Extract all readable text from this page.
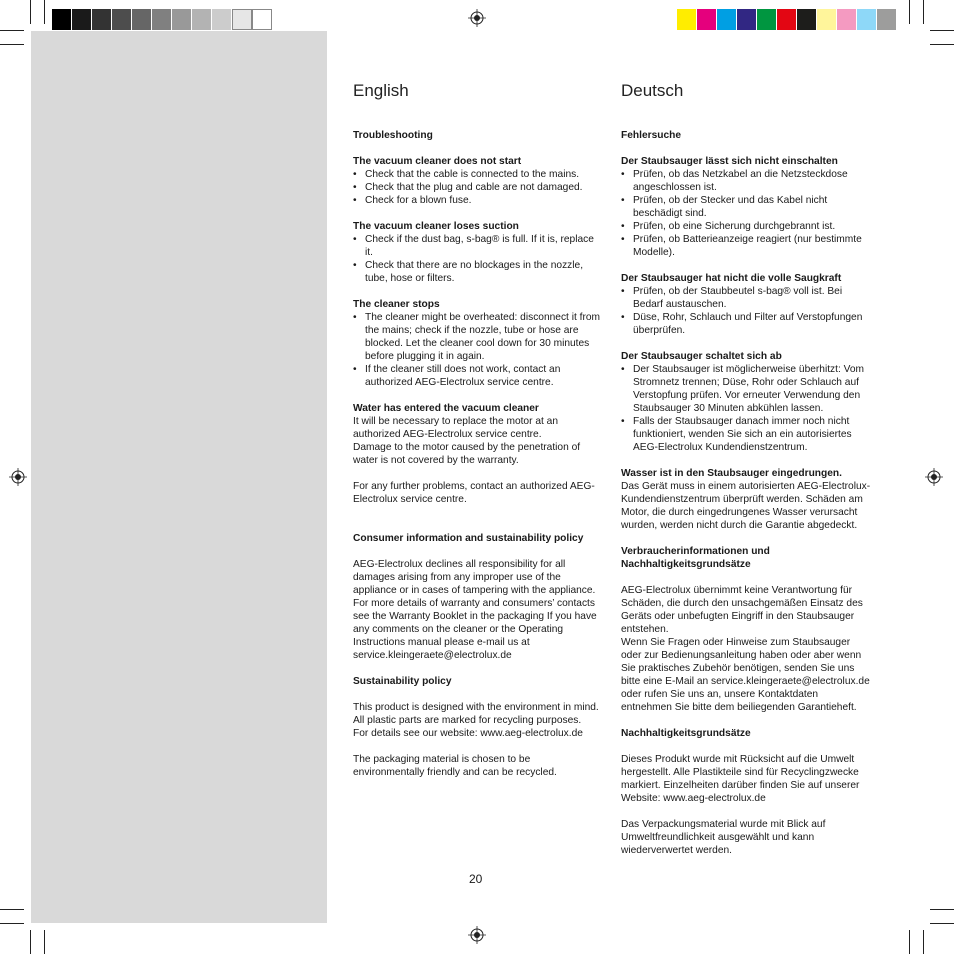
English

Troubleshooting

The vacuum cleaner does not start

• Check that the cable is connected to the mains.
• Check that the plug and cable are not damaged.
• Check for a blown fuse.

The vacuum cleaner loses suction

• Check if the dust bag, s-bag® is full. If it is, replace it.
• Check that there are no blockages in the nozzle, tube, hose or filters.

The cleaner stops

• The cleaner might be overheated: disconnect it from the mains; check if the nozzle, tube or hose are blocked. Let the cleaner cool down for 30 minutes before plugging it in again.
• If the cleaner still does not work, contact an authorized AEG-Electrolux service centre.

Water has entered the vacuum cleaner

It will be necessary to replace the motor at an authorized AEG-Electrolux service centre.

Damage to the motor caused by the penetration of water is not covered by the warranty.

For any further problems, contact an authorized AEG-Electrolux service centre.

Consumer information and sustainability policy

AEG-Electrolux declines all responsibility for all damages arising from any improper use of the appliance or in cases of tampering with the appliance. For more details of warranty and consumers’ contacts see the Warranty Booklet in the packaging If you have any comments on the cleaner or the Operating Instructions manual please e-mail us at service.kleingeraete@electrolux.de

Sustainability policy

This product is designed with the environment in mind. All plastic parts are marked for recycling purposes.

For details see our website: www.aeg-electrolux.de

The packaging material is chosen to be environmentally friendly and can be recycled.

Deutsch

Fehlersuche

Der Staubsauger lässt sich nicht einschalten

• Prüfen, ob das Netzkabel an die Netzsteckdose angeschlossen ist.
• Prüfen, ob der Stecker und das Kabel nicht beschädigt sind.
• Prüfen, ob eine Sicherung durchgebrannt ist.
• Prüfen, ob Batterieanzeige reagiert (nur bestimmte Modelle).

Der Staubsauger hat nicht die volle Saugkraft

• Prüfen, ob der Staubbeutel s-bag® voll ist. Bei Bedarf austauschen.
• Düse, Rohr, Schlauch und Filter auf Verstopfungen überprüfen.

Der Staubsauger schaltet sich ab

• Der Staubsauger ist möglicherweise überhitzt: Vom Stromnetz trennen; Düse, Rohr oder Schlauch auf Verstopfung prüfen. Vor erneuter Verwendung den Staubsauger 30 Minuten abkühlen lassen.
• Falls der Staubsauger danach immer noch nicht funktioniert, wenden Sie sich an ein autorisiertes AEG-Electrolux Kundendienstzentrum.

Wasser ist in den Staubsauger eingedrungen.

Das Gerät muss in einem autorisierten AEG-Electrolux-Kundendienstzentrum überprüft werden. Schäden am Motor, die durch eingedrungenes Wasser verursacht wurden, werden nicht durch die Garantie abgedeckt.

Verbraucherinformationen und Nachhaltigkeitsgrundsätze

AEG-Electrolux übernimmt keine Verantwortung für Schäden, die durch den unsachgemäßen Einsatz des Geräts oder unbefugten Eingriff in den Staubsauger entstehen.

Wenn Sie Fragen oder Hinweise zum Staubsauger oder zur Bedienungsanleitung haben oder aber wenn Sie praktisches Zubehör benötigen, senden Sie uns bitte eine E-Mail an service.kleingeraete@electrolux.de oder rufen Sie uns an, unsere Kontaktdaten entnehmen Sie bitte dem beiliegenden Garantieheft.

Nachhaltigkeitsgrundsätze

Dieses Produkt wurde mit Rücksicht auf die Umwelt hergestellt. Alle Plastikteile sind für Recyclingzwecke markiert. Einzelheiten darüber finden Sie auf unserer Website: www.aeg-electrolux.de

Das Verpackungsmaterial wurde mit Blick auf Umweltfreundlichkeit ausgewählt und kann wiederverwertet werden.

20
